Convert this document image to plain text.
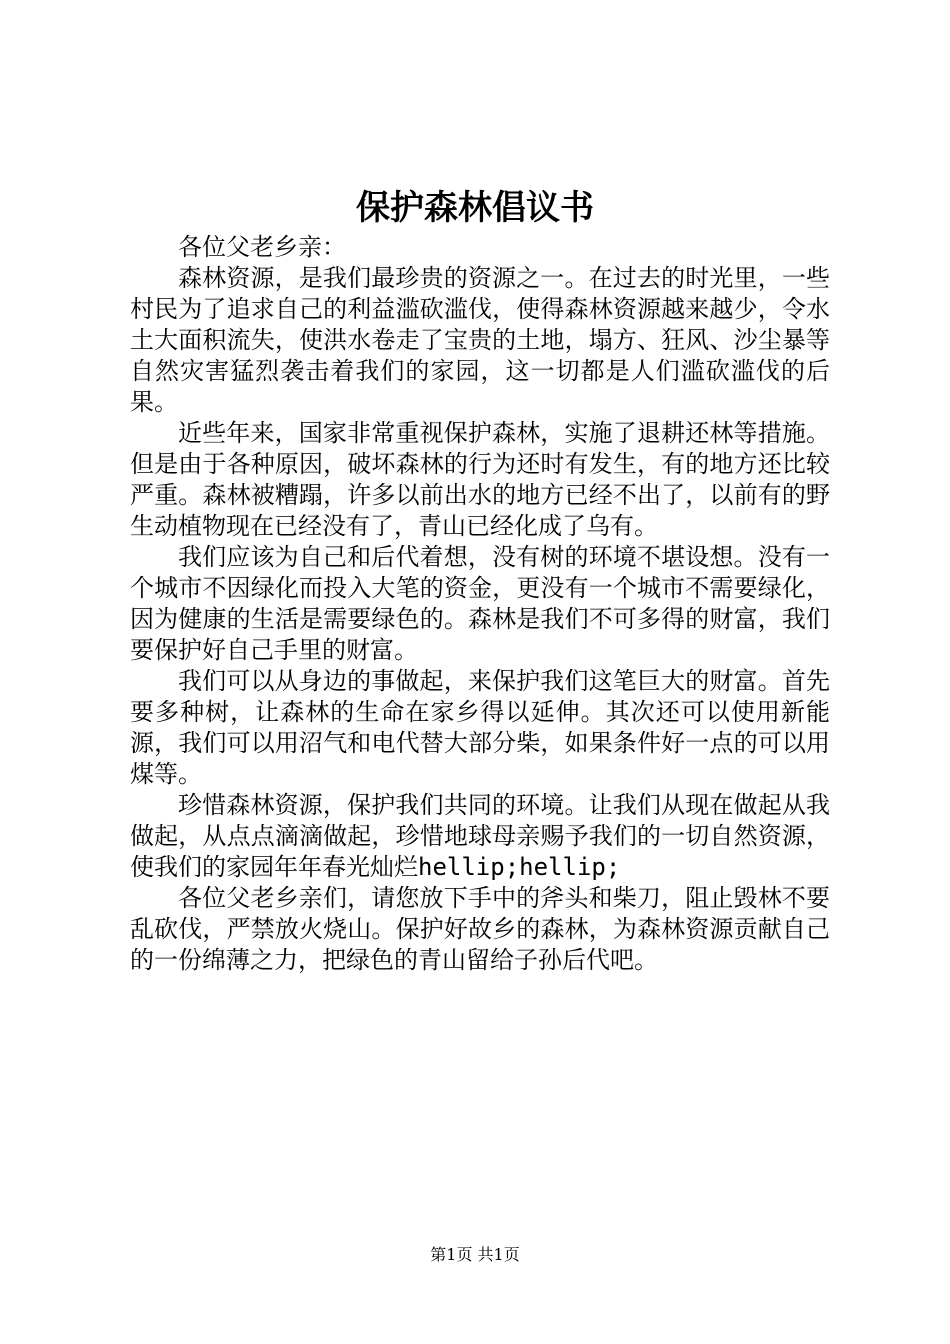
保护森林倡议书

各位父老乡亲：

森林资源，是我们最珍贵的资源之一。在过去的时光里，一些村民为了追求自己的利益滥砍滥伐，使得森林资源越来越少，令水土大面积流失，使洪水卷走了宝贵的土地，塌方、狂风、沙尘暴等自然灾害猛烈袭击着我们的家园，这一切都是人们滥砍滥伐的后果。

近些年来，国家非常重视保护森林，实施了退耕还林等措施。但是由于各种原因，破坏森林的行为还时有发生，有的地方还比较严重。森林被糟蹋，许多以前出水的地方已经不出了，以前有的野生动植物现在已经没有了，青山已经化成了乌有。

我们应该为自己和后代着想，没有树的环境不堪设想。没有一个城市不因绿化而投入大笔的资金，更没有一个城市不需要绿化，因为健康的生活是需要绿色的。森林是我们不可多得的财富，我们要保护好自己手里的财富。

我们可以从身边的事做起，来保护我们这笔巨大的财富。首先要多种树，让森林的生命在家乡得以延伸。其次还可以使用新能源，我们可以用沼气和电代替大部分柴，如果条件好一点的可以用煤等。

珍惜森林资源，保护我们共同的环境。让我们从现在做起从我做起，从点点滴滴做起，珍惜地球母亲赐予我们的一切自然资源，使我们的家园年年春光灿烂hellip;hellip;

各位父老乡亲们，请您放下手中的斧头和柴刀，阻止毁林不要乱砍伐，严禁放火烧山。保护好故乡的森林，为森林资源贡献自己的一份绵薄之力，把绿色的青山留给子孙后代吧。

第1页 共1页
